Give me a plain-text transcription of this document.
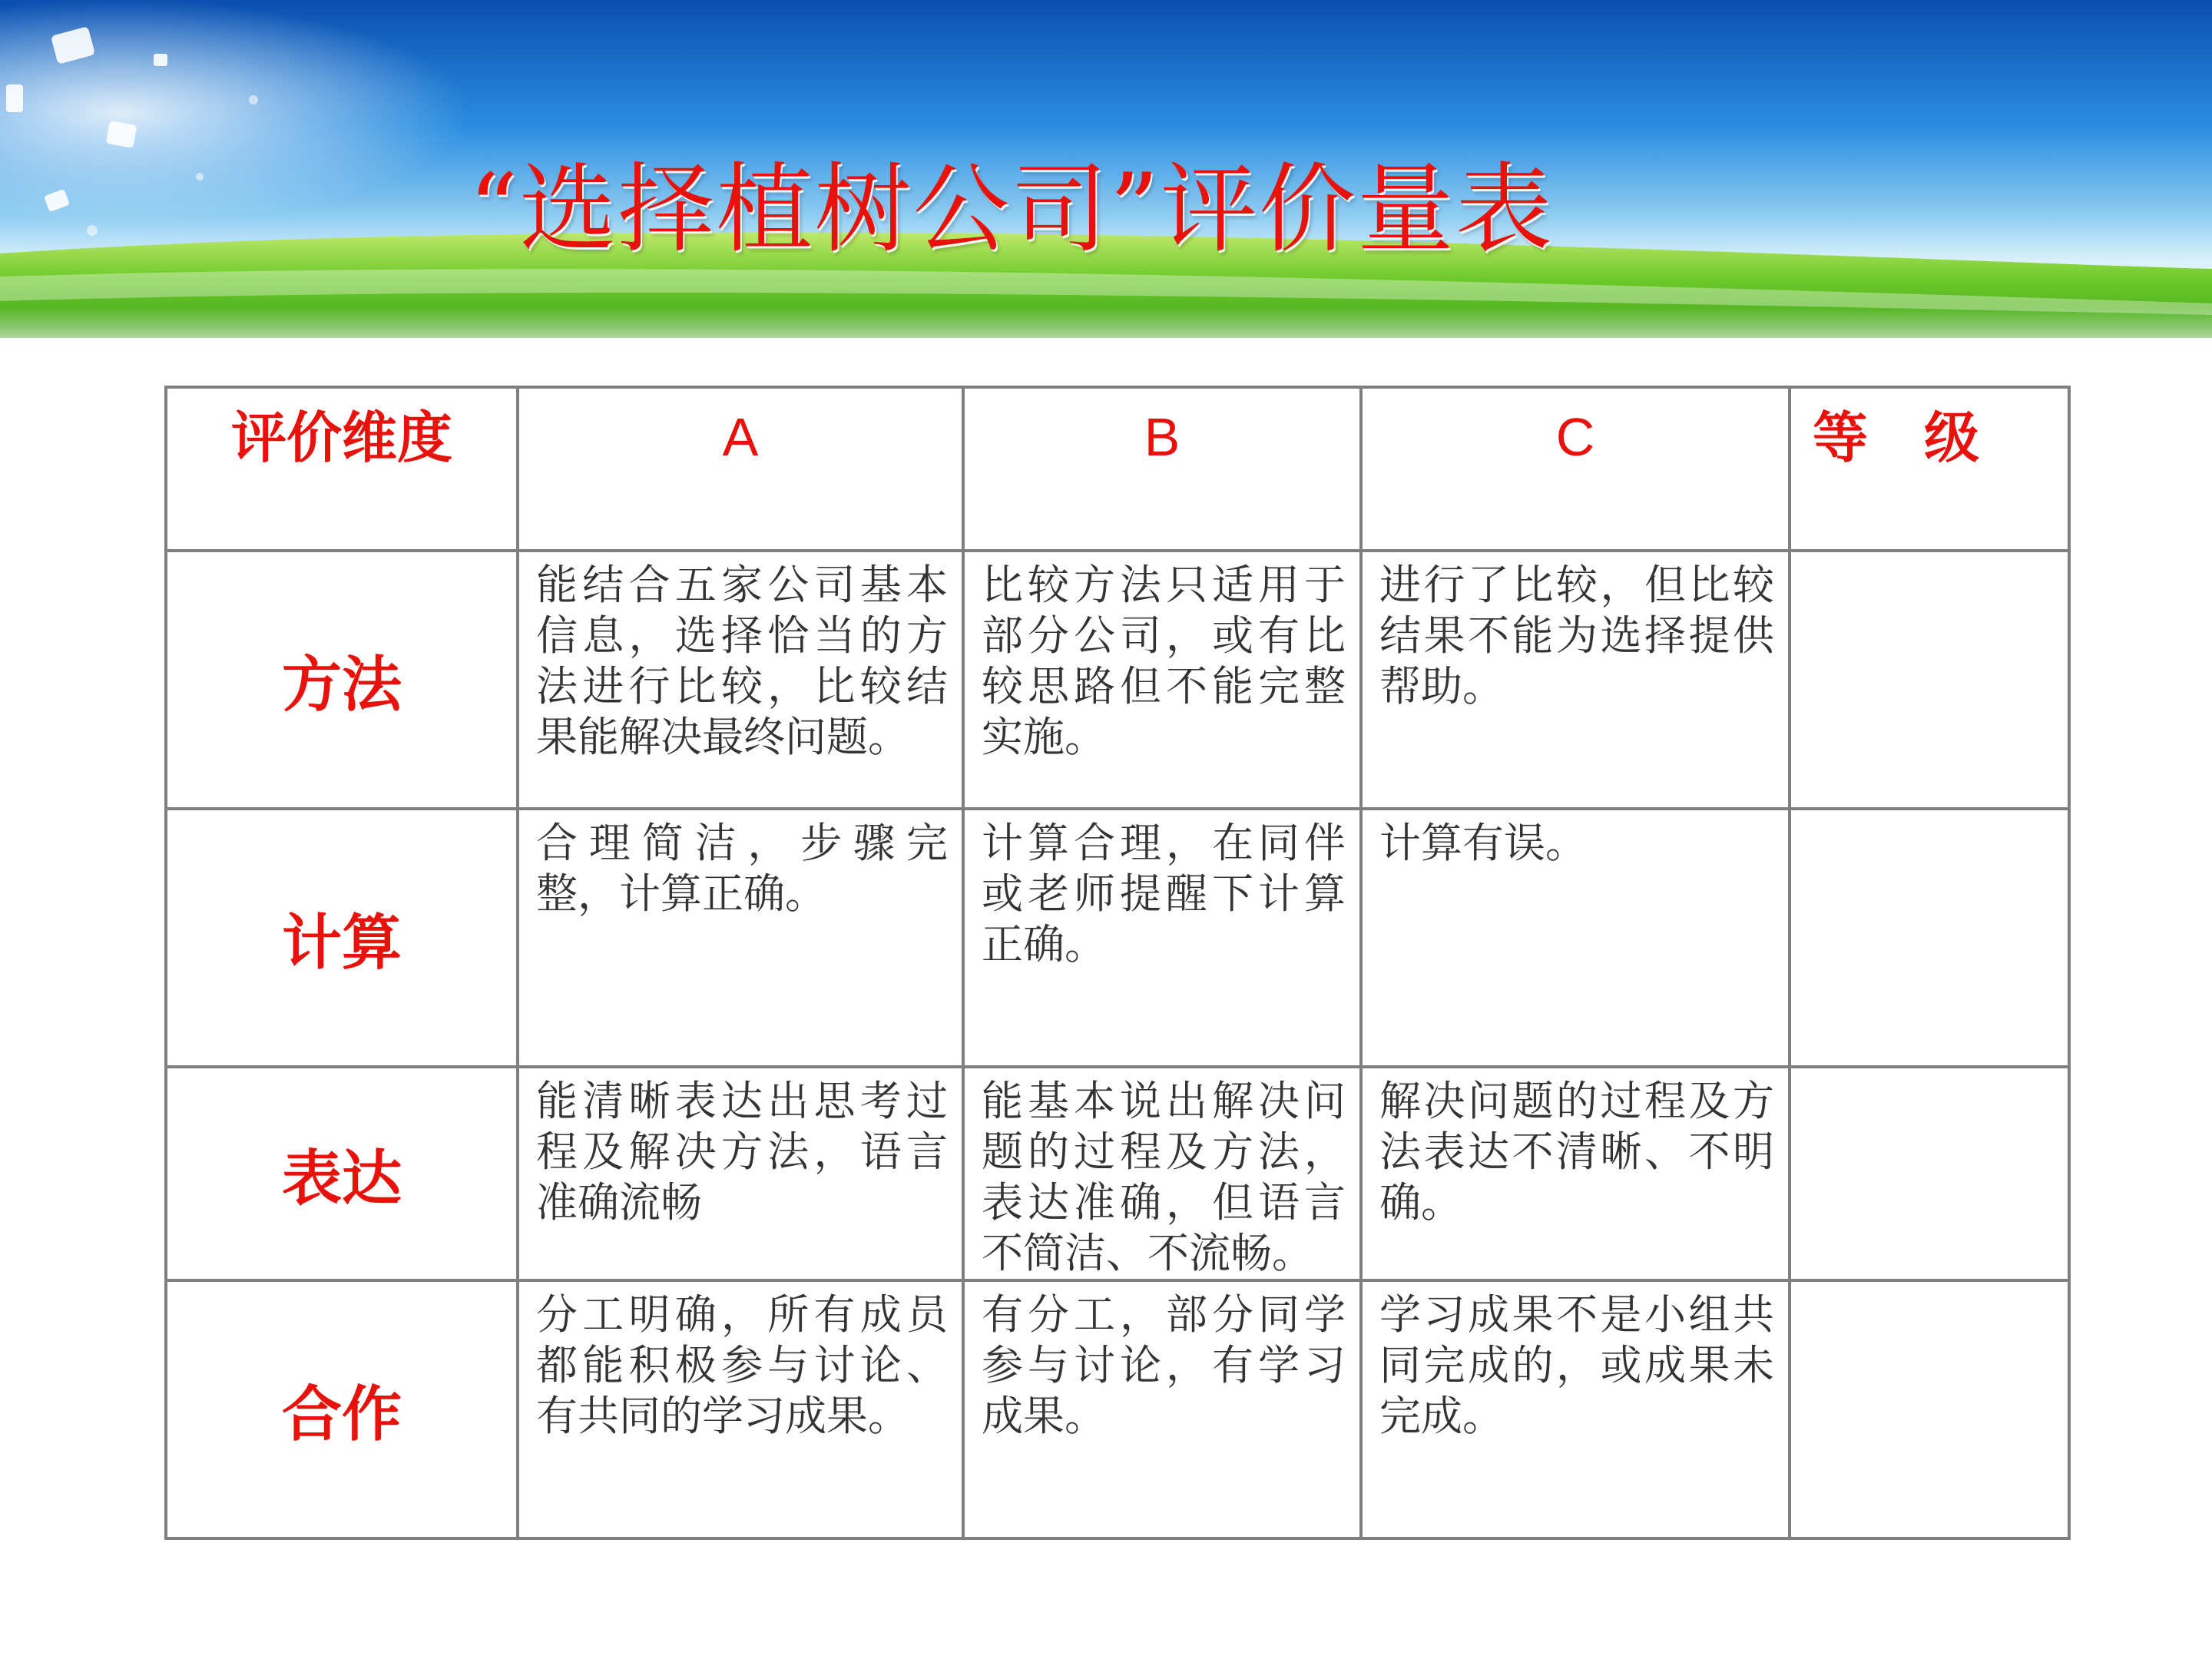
“选择植树公司”评价量表
评价维度	A	B	C	等 级

方法	能结合五家公司基本信息，选择恰当的方法进行比较，比较结果能解决最终问题。	比较方法只适用于部分公司，或有比较思路但不能完整实施。	进行了比较，但比较结果不能为选择提供帮助。	
计算	合理简洁，步骤完整，计算正确。	计算合理，在同伴或老师提醒下计算正确。	计算有误。	
表达	能清晰表达出思考过程及解决方法，语言准确流畅	能基本说出解决问题的过程及方法，表达准确，但语言不简洁、不流畅。	解决问题的过程及方法表达不清晰、不明确。	
合作	分工明确，所有成员都能积极参与讨论、有共同的学习成果。	有分工，部分同学参与讨论，有学习成果。	学习成果不是小组共同完成的，或成果未完成。	
